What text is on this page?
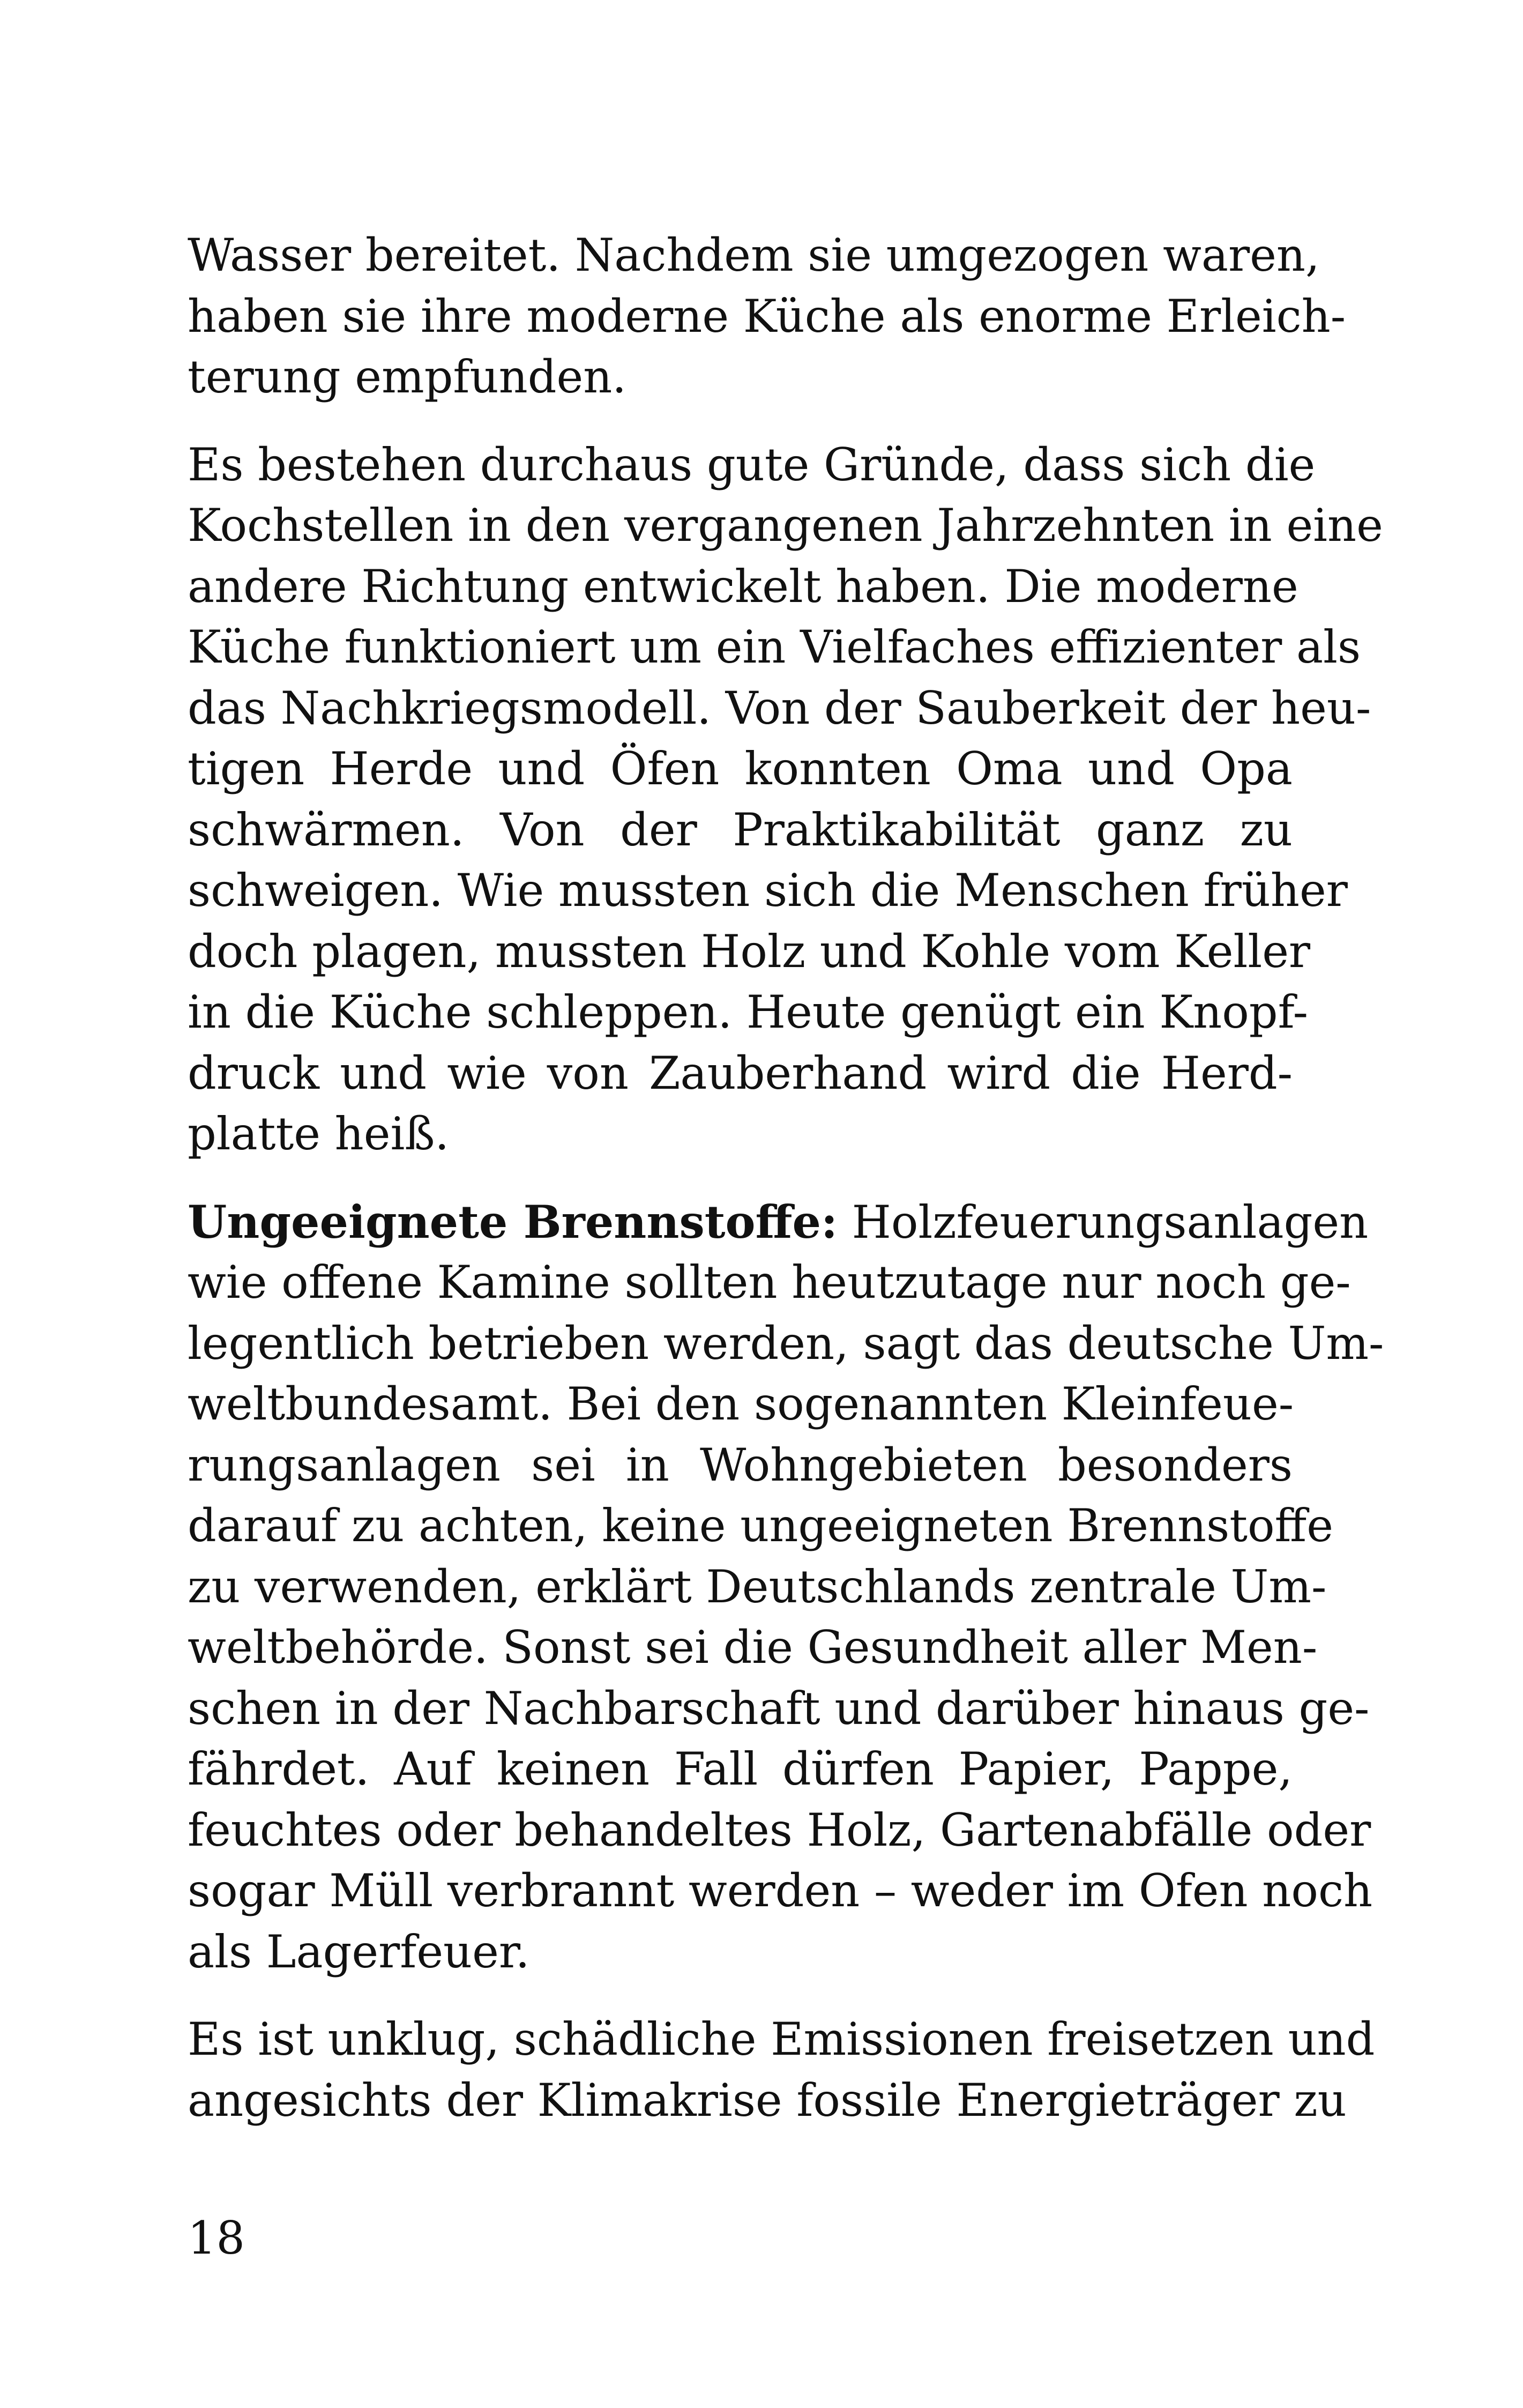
Wasser bereitet. Nachdem sie umgezogen waren,
haben sie ihre moderne Küche als enorme Erleich-
terung empfunden.
Es bestehen durchaus gute Gründe, dass sich die
Kochstellen in den vergangenen Jahrzehnten in eine
andere Richtung entwickelt haben. Die moderne
Küche funktioniert um ein Vielfaches effizienter als
das Nachkriegsmodell. Von der Sauberkeit der heu-
tigen Herde und Öfen konnten Oma und Opa
schwärmen. Von der Praktikabilität ganz zu
schweigen. Wie mussten sich die Menschen früher
doch plagen, mussten Holz und Kohle vom Keller
in die Küche schleppen. Heute genügt ein Knopf-
druck und wie von Zauberhand wird die Herd-
platte heiß.
Ungeeignete Brennstoffe: Holzfeuerungsanlagen
wie offene Kamine sollten heutzutage nur noch ge-
legentlich betrieben werden, sagt das deutsche Um-
weltbundesamt. Bei den sogenannten Kleinfeue-
rungsanlagen sei in Wohngebieten besonders
darauf zu achten, keine ungeeigneten Brennstoffe
zu verwenden, erklärt Deutschlands zentrale Um-
weltbehörde. Sonst sei die Gesundheit aller Men-
schen in der Nachbarschaft und darüber hinaus ge-
fährdet. Auf keinen Fall dürfen Papier, Pappe,
feuchtes oder behandeltes Holz, Gartenabfälle oder
sogar Müll verbrannt werden – weder im Ofen noch
als Lagerfeuer.
Es ist unklug, schädliche Emissionen freisetzen und
angesichts der Klimakrise fossile Energieträger zu
18
